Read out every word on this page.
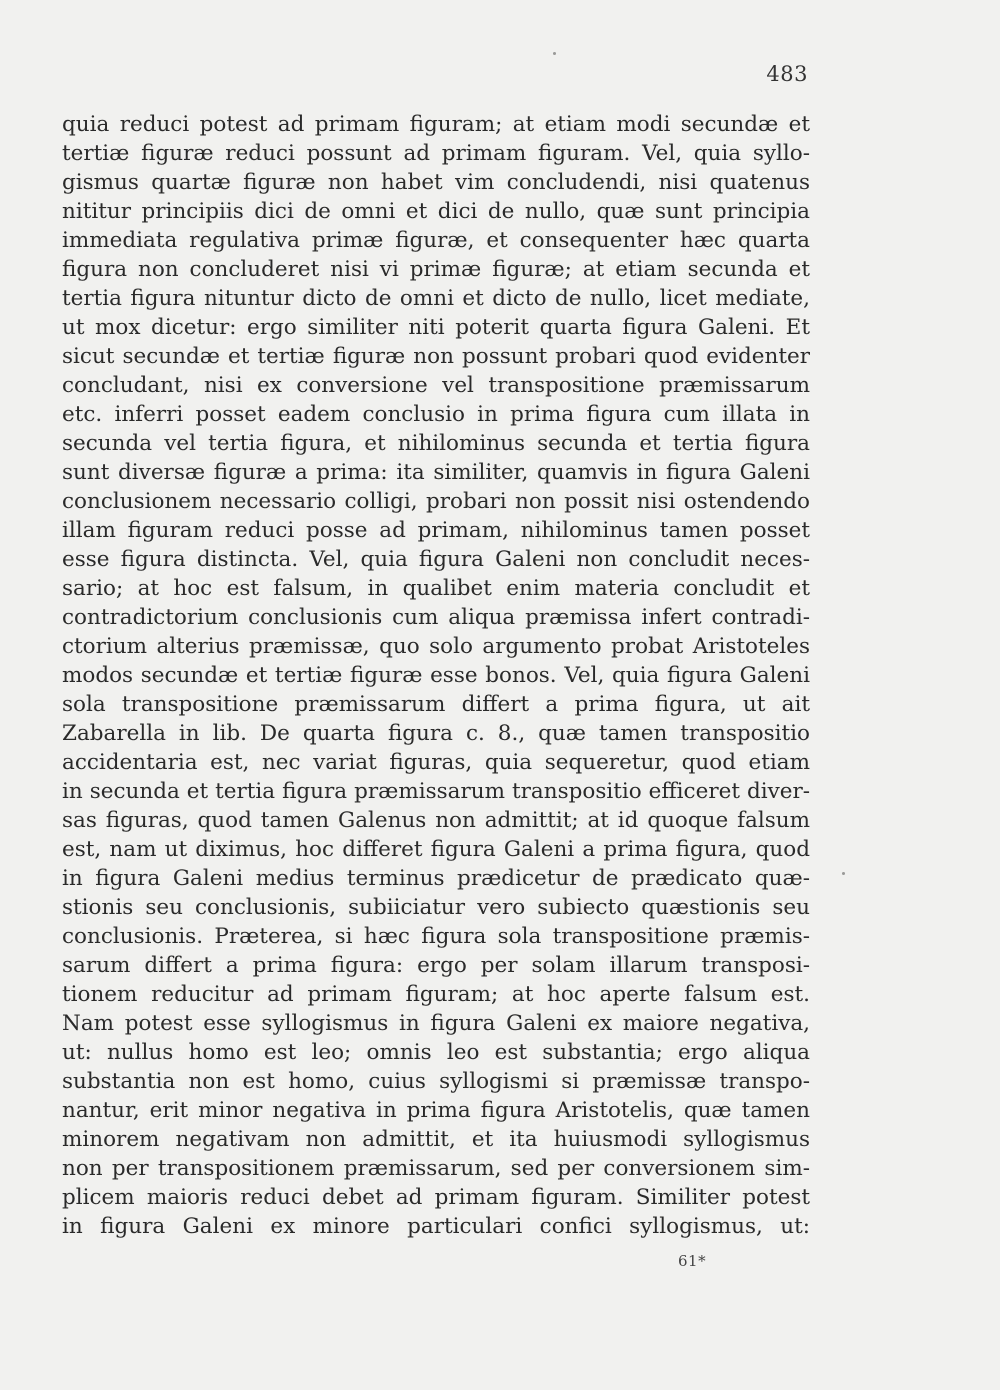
483
quia reduci potest ad primam figuram; at etiam modi secundæ et
tertiæ figuræ reduci possunt ad primam figuram. Vel, quia syllo-
gismus quartæ figuræ non habet vim concludendi, nisi quatenus
nititur principiis dici de omni et dici de nullo, quæ sunt principia
immediata regulativa primæ figuræ, et consequenter hæc quarta
figura non concluderet nisi vi primæ figuræ; at etiam secunda et
tertia figura nituntur dicto de omni et dicto de nullo, licet mediate,
ut mox dicetur: ergo similiter niti poterit quarta figura Galeni. Et
sicut secundæ et tertiæ figuræ non possunt probari quod evidenter
concludant, nisi ex conversione vel transpositione præmissarum
etc. inferri posset eadem conclusio in prima figura cum illata in
secunda vel tertia figura, et nihilominus secunda et tertia figura
sunt diversæ figuræ a prima: ita similiter, quamvis in figura Galeni
conclusionem necessario colligi, probari non possit nisi ostendendo
illam figuram reduci posse ad primam, nihilominus tamen posset
esse figura distincta. Vel, quia figura Galeni non concludit neces-
sario; at hoc est falsum, in qualibet enim materia concludit et
contradictorium conclusionis cum aliqua præmissa infert contradi-
ctorium alterius præmissæ, quo solo argumento probat Aristoteles
modos secundæ et tertiæ figuræ esse bonos. Vel, quia figura Galeni
sola transpositione præmissarum differt a prima figura, ut ait
Zabarella in lib. De quarta figura c. 8., quæ tamen transpositio
accidentaria est, nec variat figuras, quia sequeretur, quod etiam
in secunda et tertia figura præmissarum transpositio efficeret diver-
sas figuras, quod tamen Galenus non admittit; at id quoque falsum
est, nam ut diximus, hoc differet figura Galeni a prima figura, quod
in figura Galeni medius terminus prædicetur de prædicato quæ-
stionis seu conclusionis, subiiciatur vero subiecto quæstionis seu
conclusionis. Præterea, si hæc figura sola transpositione præmis-
sarum differt a prima figura: ergo per solam illarum transposi-
tionem reducitur ad primam figuram; at hoc aperte falsum est.
Nam potest esse syllogismus in figura Galeni ex maiore negativa,
ut: nullus homo est leo; omnis leo est substantia; ergo aliqua
substantia non est homo, cuius syllogismi si præmissæ transpo-
nantur, erit minor negativa in prima figura Aristotelis, quæ tamen
minorem negativam non admittit, et ita huiusmodi syllogismus
non per transpositionem præmissarum, sed per conversionem sim-
plicem maioris reduci debet ad primam figuram. Similiter potest
in figura Galeni ex minore particulari confici syllogismus, ut:
61*
